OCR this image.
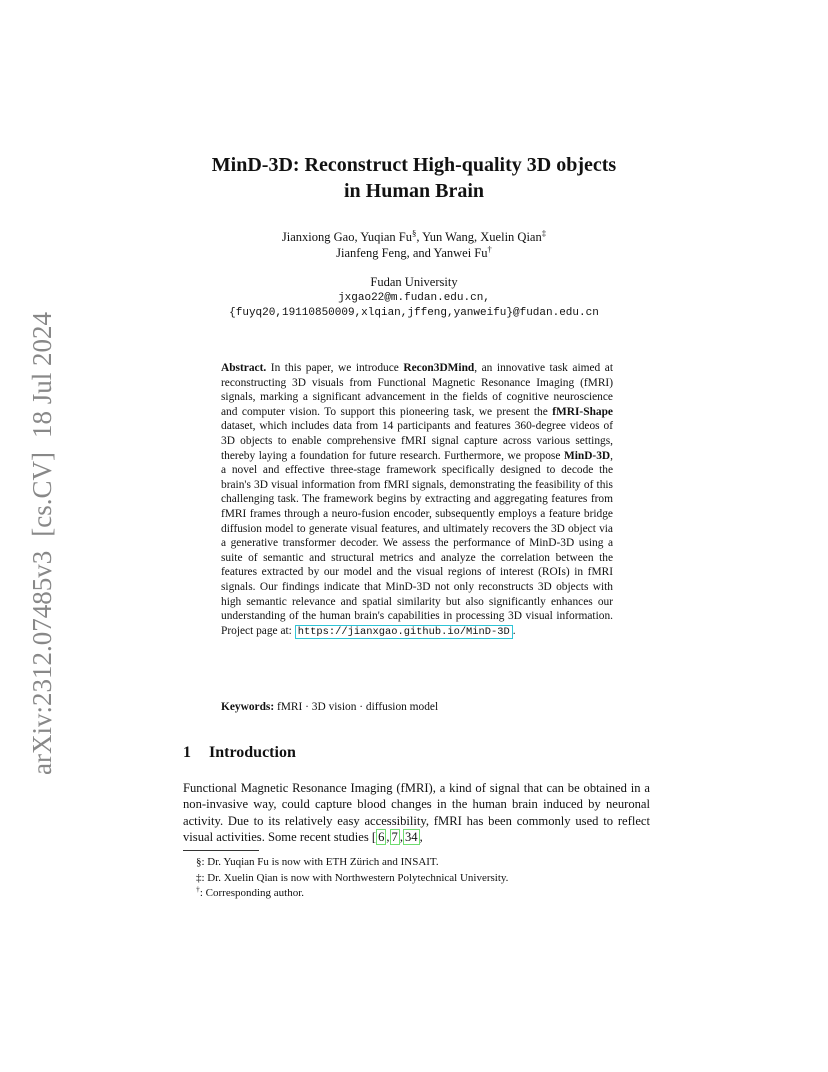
arXiv:2312.07485v3
[cs.CV]
18 Jul 2024
MinD-3D: Reconstruct High-quality 3D objects
in Human Brain
Jianxiong Gao, Yuqian Fu§, Yun Wang, Xuelin Qian‡
Jianfeng Feng, and Yanwei Fu†
Fudan University
jxgao22@m.fudan.edu.cn,
{fuyq20,19110850009,xlqian,jffeng,yanweifu}@fudan.edu.cn
Abstract. In this paper, we introduce Recon3DMind, an innovative task aimed at reconstructing 3D visuals from Functional Magnetic Resonance Imaging (fMRI) signals, marking a significant advancement in the fields of cognitive neuroscience and computer vision. To support this pioneering task, we present the fMRI-Shape dataset, which includes data from 14 participants and features 360-degree videos of 3D objects to enable comprehensive fMRI signal capture across various settings, thereby laying a foundation for future research. Furthermore, we propose MinD-3D, a novel and effective three-stage framework specifically designed to decode the brain's 3D visual information from fMRI signals, demonstrating the feasibility of this challenging task. The framework begins by extracting and aggregating features from fMRI frames through a neuro-fusion encoder, subsequently employs a feature bridge diffusion model to generate visual features, and ultimately recovers the 3D object via a generative transformer decoder. We assess the performance of MinD-3D using a suite of semantic and structural metrics and analyze the correlation between the features extracted by our model and the visual regions of interest (ROIs) in fMRI signals. Our findings indicate that MinD-3D not only reconstructs 3D objects with high semantic relevance and spatial similarity but also significantly enhances our understanding of the human brain's capabilities in processing 3D visual information. Project page at: https://jianxgao.github.io/MinD-3D .
Keywords: fMRI · 3D vision · diffusion model
1 Introduction
Functional Magnetic Resonance Imaging (fMRI), a kind of signal that can be obtained in a non-invasive way, could capture blood changes in the human brain induced by neuronal activity. Due to its relatively easy accessibility, fMRI has been commonly used to reflect visual activities. Some recent studies [ 6 , 7 , 34 ,
§: Dr. Yuqian Fu is now with ETH Zürich and INSAIT.
‡: Dr. Xuelin Qian is now with Northwestern Polytechnical University.
†: Corresponding author.
